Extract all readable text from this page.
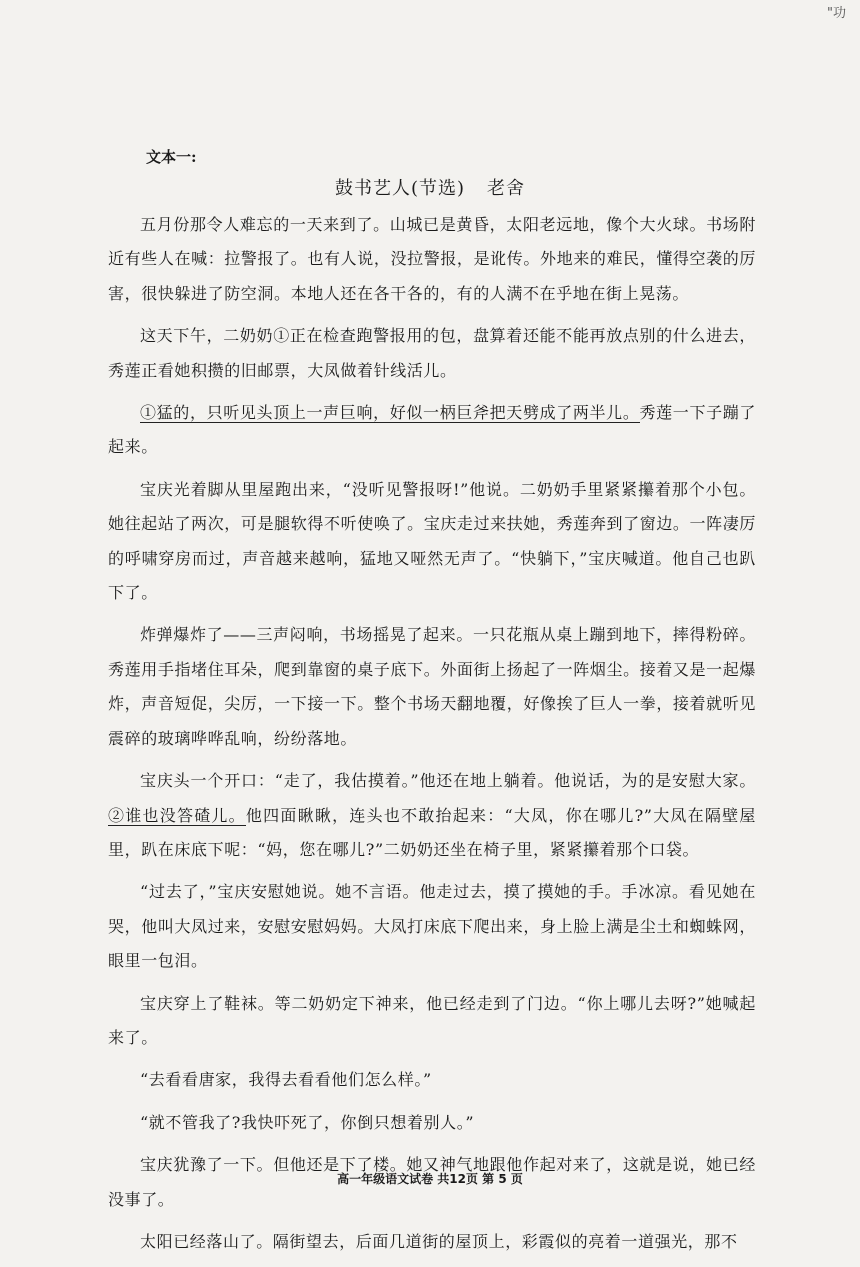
"功
文本一:
鼓书艺人(节选) 老舍

五月份那令人难忘的一天来到了。山城已是黄昏，太阳老远地，像个大火球。书场附近有些人在喊：拉警报了。也有人说，没拉警报，是讹传。外地来的难民，懂得空袭的厉害，很快躲进了防空洞。本地人还在各干各的，有的人满不在乎地在街上晃荡。

这天下午，二奶奶①正在检查跑警报用的包，盘算着还能不能再放点别的什么进去，秀莲正看她积攒的旧邮票，大凤做着针线活儿。

①猛的，只听见头顶上一声巨响，好似一柄巨斧把天劈成了两半儿。秀莲一下子蹦了起来。

宝庆光着脚从里屋跑出来，“没听见警报呀!”他说。二奶奶手里紧紧攥着那个小包。她往起站了两次，可是腿软得不听使唤了。宝庆走过来扶她，秀莲奔到了窗边。一阵凄厉的呼啸穿房而过，声音越来越响，猛地又哑然无声了。“快躺下，”宝庆喊道。他自己也趴下了。

炸弹爆炸了——三声闷响，书场摇晃了起来。一只花瓶从桌上蹦到地下，摔得粉碎。秀莲用手指堵住耳朵，爬到靠窗的桌子底下。外面街上扬起了一阵烟尘。接着又是一起爆炸，声音短促，尖厉，一下接一下。整个书场天翻地覆，好像挨了巨人一拳，接着就听见震碎的玻璃哗哗乱响，纷纷落地。

宝庆头一个开口：“走了，我估摸着。”他还在地上躺着。他说话，为的是安慰大家。②谁也没答碴儿。他四面瞅瞅，连头也不敢抬起来：“大凤，你在哪儿?”大凤在隔壁屋里，趴在床底下呢：“妈，您在哪儿?”二奶奶还坐在椅子里，紧紧攥着那个口袋。

“过去了，”宝庆安慰她说。她不言语。他走过去，摸了摸她的手。手冰凉。看见她在哭，他叫大凤过来，安慰安慰妈妈。大凤打床底下爬出来，身上脸上满是尘土和蜘蛛网，眼里一包泪。

宝庆穿上了鞋袜。等二奶奶定下神来，他已经走到了门边。“你上哪儿去呀?”她喊起来了。

“去看看唐家，我得去看看他们怎么样。”

“就不管我了?我快吓死了，你倒只想着别人。”

宝庆犹豫了一下。但他还是下了楼。她又神气地跟他作起对来了，这就是说，她已经没事了。

太阳已经落山了。隔街望去，后面几道街的屋顶上，彩霞似的亮着一道强光，那不

高一年级语文试卷 共12页 第 5 页
